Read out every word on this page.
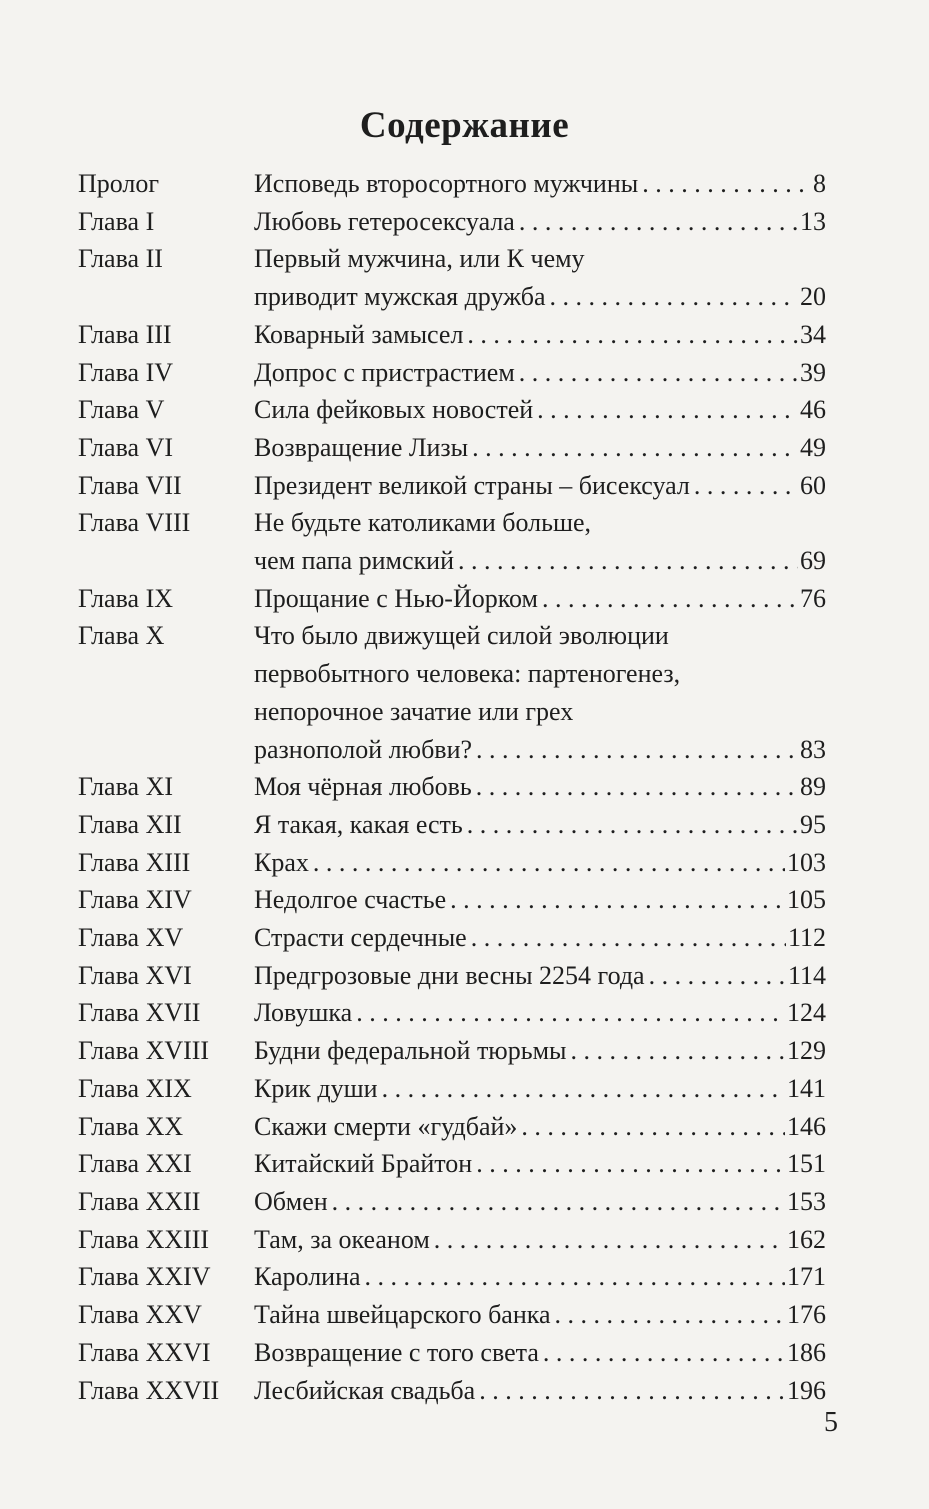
Содержание
Пролог	Исповедь второсортного мужчины . . .	8
Глава I	Любовь гетеросексуала . . .	13
Глава II	Первый мужчина, или К чему
приводит мужская дружба . . .	20
Глава III	Коварный замысел . . .	34
Глава IV	Допрос с пристрастием . . .	39
Глава V	Сила фейковых новостей . . .	46
Глава VI	Возвращение Лизы . . .	49
Глава VII	Президент великой страны – бисексуал . . .	60
Глава VIII	Не будьте католиками больше,
чем папа римский . . .	69
Глава IX	Прощание с Нью-Йорком . . .	76
Глава X	Что было движущей силой эволюции
первобытного человека: партеногенез,
непорочное зачатие или грех
разнополой любви? . . .	83
Глава XI	Моя чёрная любовь . . .	89
Глава XII	Я такая, какая есть . . .	95
Глава XIII	Крах . . .	103
Глава XIV	Недолгое счастье . . .	105
Глава XV	Страсти сердечные . . .	112
Глава XVI	Предгрозовые дни весны 2254 года . . .	114
Глава XVII	Ловушка . . .	124
Глава XVIII	Будни федеральной тюрьмы . . .	129
Глава XIX	Крик души . . .	141
Глава XX	Скажи смерти «гудбай» . . .	146
Глава XXI	Китайский Брайтон . . .	151
Глава XXII	Обмен . . .	153
Глава XXIII	Там, за океаном . . .	162
Глава XXIV	Каролина . . .	171
Глава XXV	Тайна швейцарского банка . . .	176
Глава XXVI	Возвращение с того света . . .	186
Глава XXVII	Лесбийская свадьба . . .	196
5
